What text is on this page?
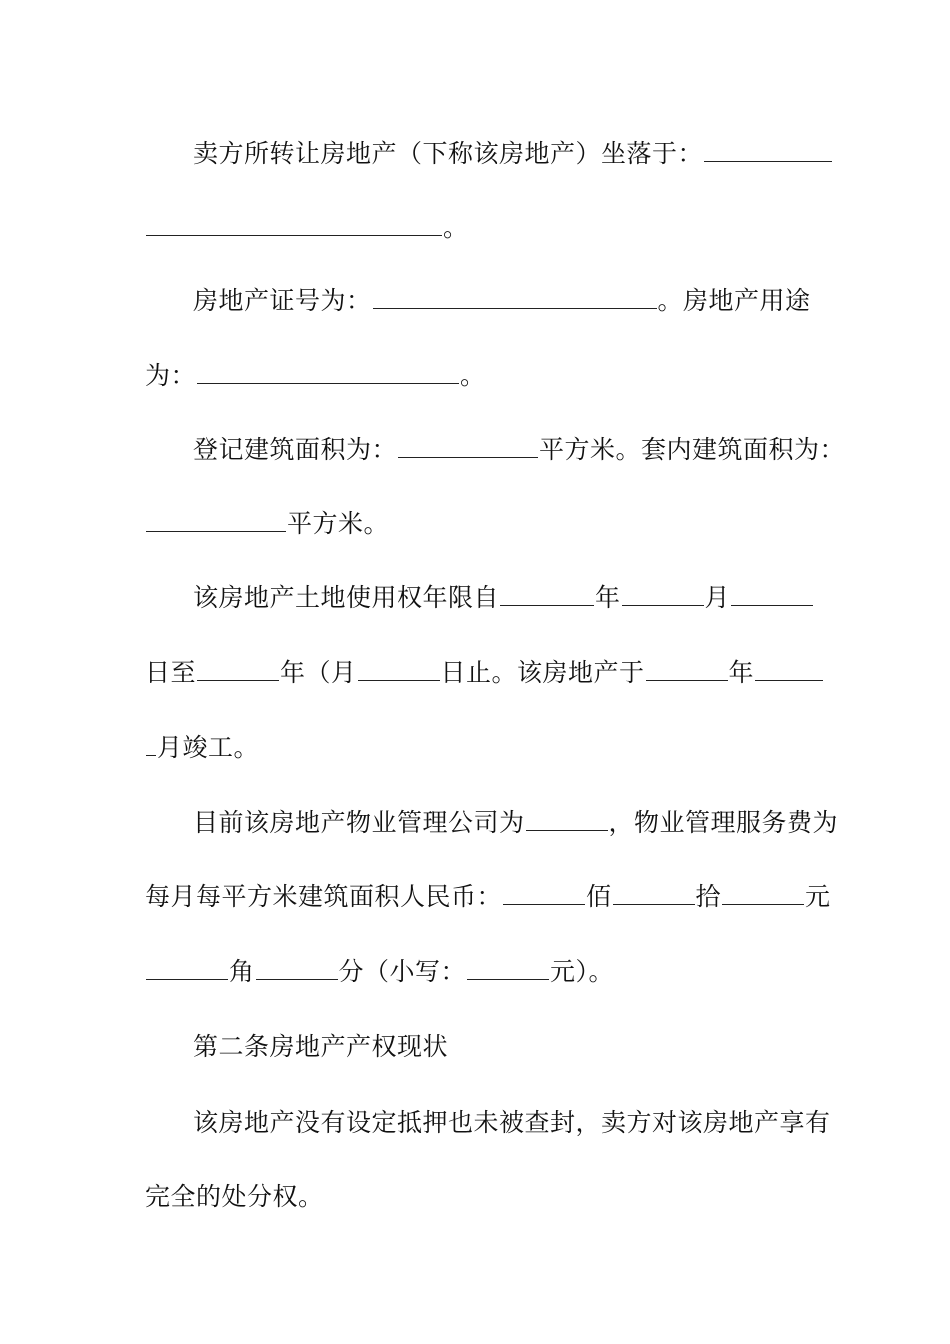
卖方所转让房地产（下称该房地产）坐落于：
。
房地产证号为：	。房地产用途
为：	。
登记建筑面积为：	平方米。套内建筑面积为：
平方米。
该房地产土地使用权年限自	年	月
日至	年（月	日止。该房地产于	年
月竣工。
目前该房地产物业管理公司为	，物业管理服务费为
每月每平方米建筑面积人民币：	佰	拾	元
角	分（小写：	元）。
第二条房地产产权现状
该房地产没有设定抵押也未被查封，卖方对该房地产享有
完全的处分权。
